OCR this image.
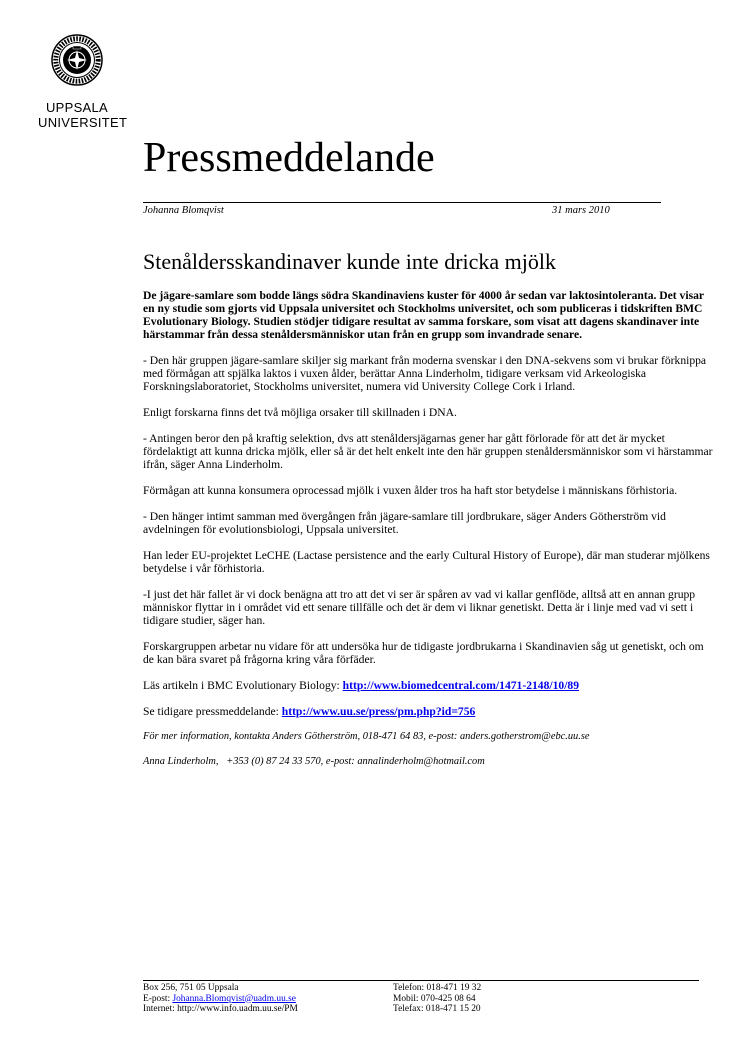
UPPSALA
UNIVERSITET
Pressmeddelande
Johanna Blomqvist	31 mars 2010
Stenåldersskandinaver kunde inte dricka mjölk

De jägare-samlare som bodde längs södra Skandinaviens kuster för 4000 år sedan var laktosintoleranta. Det visar en ny studie som gjorts vid Uppsala universitet och Stockholms universitet, och som publiceras i tidskriften BMC Evolutionary Biology. Studien stödjer tidigare resultat av samma forskare, som visat att dagens skandinaver inte härstammar från dessa stenåldersmänniskor utan från en grupp som invandrade senare.

- Den här gruppen jägare-samlare skiljer sig markant från moderna svenskar i den DNA-sekvens som vi brukar förknippa med förmågan att spjälka laktos i vuxen ålder, berättar Anna Linderholm, tidigare verksam vid Arkeologiska Forskningslaboratoriet, Stockholms universitet, numera vid University College Cork i Irland.

Enligt forskarna finns det två möjliga orsaker till skillnaden i DNA.

- Antingen beror den på kraftig selektion, dvs att stenåldersjägarnas gener har gått förlorade för att det är mycket fördelaktigt att kunna dricka mjölk, eller så är det helt enkelt inte den här gruppen stenåldersmänniskor som vi härstammar ifrån, säger Anna Linderholm.

Förmågan att kunna konsumera oprocessad mjölk i vuxen ålder tros ha haft stor betydelse i människans förhistoria.

- Den hänger intimt samman med övergången från jägare-samlare till jordbrukare, säger Anders Götherström vid avdelningen för evolutionsbiologi, Uppsala universitet.

Han leder EU-projektet LeCHE (Lactase persistence and the early Cultural History of Europe), där man studerar mjölkens betydelse i vår förhistoria.

-I just det här fallet är vi dock benägna att tro att det vi ser är spåren av vad vi kallar genflöde, alltså att en annan grupp människor flyttar in i området vid ett senare tillfälle och det är dem vi liknar genetiskt. Detta är i linje med vad vi sett i tidigare studier, säger han.

Forskargruppen arbetar nu vidare för att undersöka hur de tidigaste jordbrukarna i Skandinavien såg ut genetiskt, och om de kan bära svaret på frågorna kring våra förfäder.

Läs artikeln i BMC Evolutionary Biology: http://www.biomedcentral.com/1471-2148/10/89

Se tidigare pressmeddelande: http://www.uu.se/press/pm.php?id=756

För mer information, kontakta Anders Götherström, 018-471 64 83, e-post: anders.gotherstrom@ebc.uu.se

Anna Linderholm,   +353 (0) 87 24 33 570, e-post: annalinderholm@hotmail.com

Box 256, 751 05 Uppsala
E-post: Johanna.Blomqvist@uadm.uu.se
Internet: http://www.info.uadm.uu.se/PM
Telefon: 018-471 19 32
Mobil: 070-425 08 64
Telefax: 018-471 15 20
